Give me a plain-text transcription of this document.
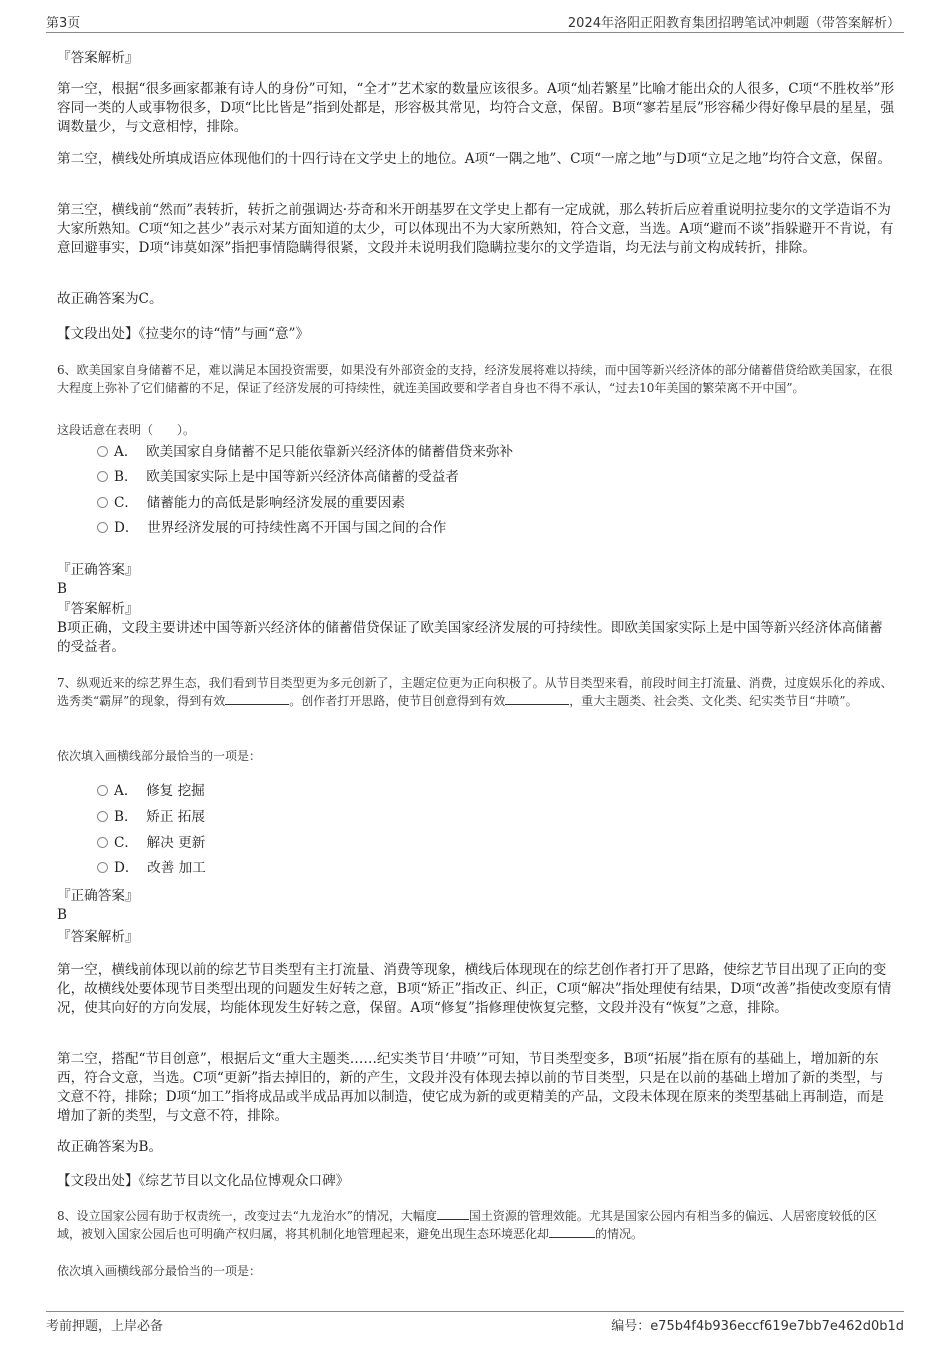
第3页	2024年洛阳正阳教育集团招聘笔试冲刺题（带答案解析）

『答案解析』

第一空，根据“很多画家都兼有诗人的身份”可知，“全才”艺术家的数量应该很多。A项“灿若繁星”比喻才能出众的人很多，C项“不胜枚举”形容同一类的人或事物很多，D项“比比皆是”指到处都是，形容极其常见，均符合文意，保留。B项“寥若星辰”形容稀少得好像早晨的星星，强调数量少，与文意相悖，排除。

第二空，横线处所填成语应体现他们的十四行诗在文学史上的地位。A项“一隅之地”、C项“一席之地”与D项“立足之地”均符合文意，保留。

第三空，横线前“然而”表转折，转折之前强调达·芬奇和米开朗基罗在文学史上都有一定成就，那么转折后应着重说明拉斐尔的文学造诣不为大家所熟知。C项“知之甚少”表示对某方面知道的太少，可以体现出不为大家所熟知，符合文意，当选。A项“避而不谈”指躲避开不肯说，有意回避事实，D项“讳莫如深”指把事情隐瞒得很紧，文段并未说明我们隐瞒拉斐尔的文学造诣，均无法与前文构成转折，排除。

故正确答案为C。

【文段出处】《拉斐尔的诗“情”与画“意”》

6、欧美国家自身储蓄不足，难以满足本国投资需要，如果没有外部资金的支持，经济发展将难以持续，而中国等新兴经济体的部分储蓄借贷给欧美国家，在很大程度上弥补了它们储蓄的不足，保证了经济发展的可持续性，就连美国政要和学者自身也不得不承认，“过去10年美国的繁荣离不开中国”。

这段话意在表明（　　）。

A． 欧美国家自身储蓄不足只能依靠新兴经济体的储蓄借贷来弥补
B． 欧美国家实际上是中国等新兴经济体高储蓄的受益者
C． 储蓄能力的高低是影响经济发展的重要因素
D． 世界经济发展的可持续性离不开国与国之间的合作

『正确答案』

B

『答案解析』

B项正确，文段主要讲述中国等新兴经济体的储蓄借贷保证了欧美国家经济发展的可持续性。即欧美国家实际上是中国等新兴经济体高储蓄的受益者。

7、纵观近来的综艺界生态，我们看到节目类型更为多元创新了，主题定位更为正向积极了。从节目类型来看，前段时间主打流量、消费，过度娱乐化的养成、选秀类“霸屏”的现象，得到有效	。创作者打开思路，使节目创意得到有效	，重大主题类、社会类、文化类、纪实类节目“井喷”。

依次填入画横线部分最恰当的一项是：

A． 修复 挖掘
B． 矫正 拓展
C． 解决 更新
D． 改善 加工

『正确答案』

B

『答案解析』

第一空，横线前体现以前的综艺节目类型有主打流量、消费等现象，横线后体现现在的综艺创作者打开了思路，使综艺节目出现了正向的变化，故横线处要体现节目类型出现的问题发生好转之意，B项“矫正”指改正、纠正，C项“解决”指处理使有结果，D项“改善”指使改变原有情况，使其向好的方向发展，均能体现发生好转之意，保留。A项“修复”指修理使恢复完整，文段并没有“恢复”之意，排除。

第二空，搭配“节目创意”，根据后文“重大主题类……纪实类节目‘井喷’”可知，节目类型变多，B项“拓展”指在原有的基础上，增加新的东西，符合文意，当选。C项“更新”指去掉旧的，新的产生，文段并没有体现去掉以前的节目类型，只是在以前的基础上增加了新的类型，与文意不符，排除；D项“加工”指将成品或半成品再加以制造，使它成为新的或更精美的产品，文段未体现在原来的类型基础上再制造，而是增加了新的类型，与文意不符，排除。

故正确答案为B。

【文段出处】《综艺节目以文化品位博观众口碑》

8、设立国家公园有助于权责统一，改变过去“九龙治水”的情况，大幅度	国土资源的管理效能。尤其是国家公园内有相当多的偏远、人居密度较低的区域，被划入国家公园后也可明确产权归属，将其机制化地管理起来，避免出现生态环境恶化却	的情况。

依次填入画横线部分最恰当的一项是：

考前押题，上岸必备	编号：e75b4f4b936eccf619e7bb7e462d0b1d
